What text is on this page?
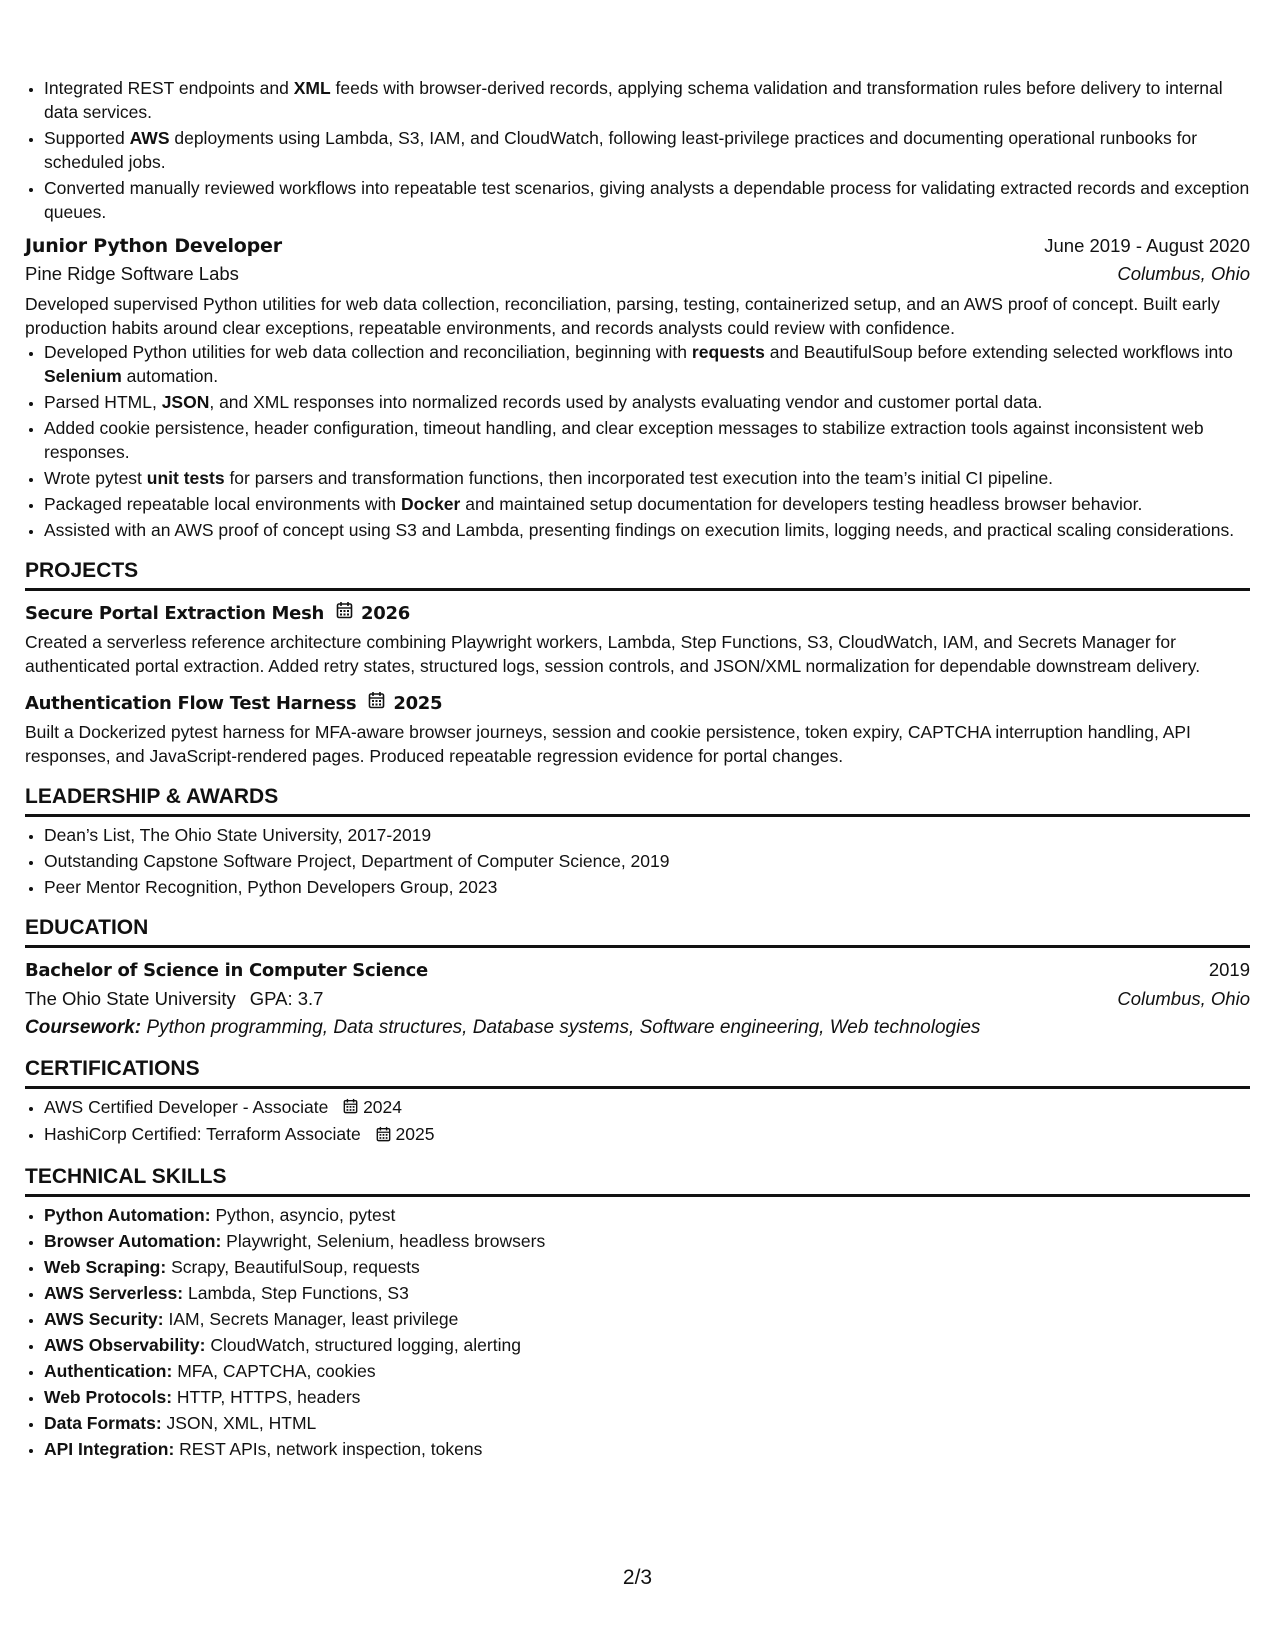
• Integrated REST endpoints and XML feeds with browser-derived records, applying schema validation and transformation rules before delivery to internal data services.
• Supported AWS deployments using Lambda, S3, IAM, and CloudWatch, following least-privilege practices and documenting operational runbooks for scheduled jobs.
• Converted manually reviewed workflows into repeatable test scenarios, giving analysts a dependable process for validating extracted records and exception queues.
Junior Python Developer	June 2019 - August 2020
Pine Ridge Software Labs	Columbus, Ohio
Developed supervised Python utilities for web data collection, reconciliation, parsing, testing, containerized setup, and an AWS proof of concept. Built early production habits around clear exceptions, repeatable environments, and records analysts could review with confidence.
• Developed Python utilities for web data collection and reconciliation, beginning with requests and BeautifulSoup before extending selected workflows into Selenium automation.
• Parsed HTML, JSON, and XML responses into normalized records used by analysts evaluating vendor and customer portal data.
• Added cookie persistence, header configuration, timeout handling, and clear exception messages to stabilize extraction tools against inconsistent web responses.
• Wrote pytest unit tests for parsers and transformation functions, then incorporated test execution into the team’s initial CI pipeline.
• Packaged repeatable local environments with Docker and maintained setup documentation for developers testing headless browser behavior.
• Assisted with an AWS proof of concept using S3 and Lambda, presenting findings on execution limits, logging needs, and practical scaling considerations.
PROJECTS
Secure Portal Extraction Mesh 2026
Created a serverless reference architecture combining Playwright workers, Lambda, Step Functions, S3, CloudWatch, IAM, and Secrets Manager for authenticated portal extraction. Added retry states, structured logs, session controls, and JSON/XML normalization for dependable downstream delivery.
Authentication Flow Test Harness 2025
Built a Dockerized pytest harness for MFA-aware browser journeys, session and cookie persistence, token expiry, CAPTCHA interruption handling, API responses, and JavaScript-rendered pages. Produced repeatable regression evidence for portal changes.
LEADERSHIP & AWARDS
• Dean’s List, The Ohio State University, 2017-2019
• Outstanding Capstone Software Project, Department of Computer Science, 2019
• Peer Mentor Recognition, Python Developers Group, 2023
EDUCATION
Bachelor of Science in Computer Science	2019
The Ohio State University GPA: 3.7	Columbus, Ohio
Coursework: Python programming, Data structures, Database systems, Software engineering, Web technologies
CERTIFICATIONS
• AWS Certified Developer - Associate 2024
• HashiCorp Certified: Terraform Associate 2025
TECHNICAL SKILLS
• Python Automation: Python, asyncio, pytest
• Browser Automation: Playwright, Selenium, headless browsers
• Web Scraping: Scrapy, BeautifulSoup, requests
• AWS Serverless: Lambda, Step Functions, S3
• AWS Security: IAM, Secrets Manager, least privilege
• AWS Observability: CloudWatch, structured logging, alerting
• Authentication: MFA, CAPTCHA, cookies
• Web Protocols: HTTP, HTTPS, headers
• Data Formats: JSON, XML, HTML
• API Integration: REST APIs, network inspection, tokens
2/3
